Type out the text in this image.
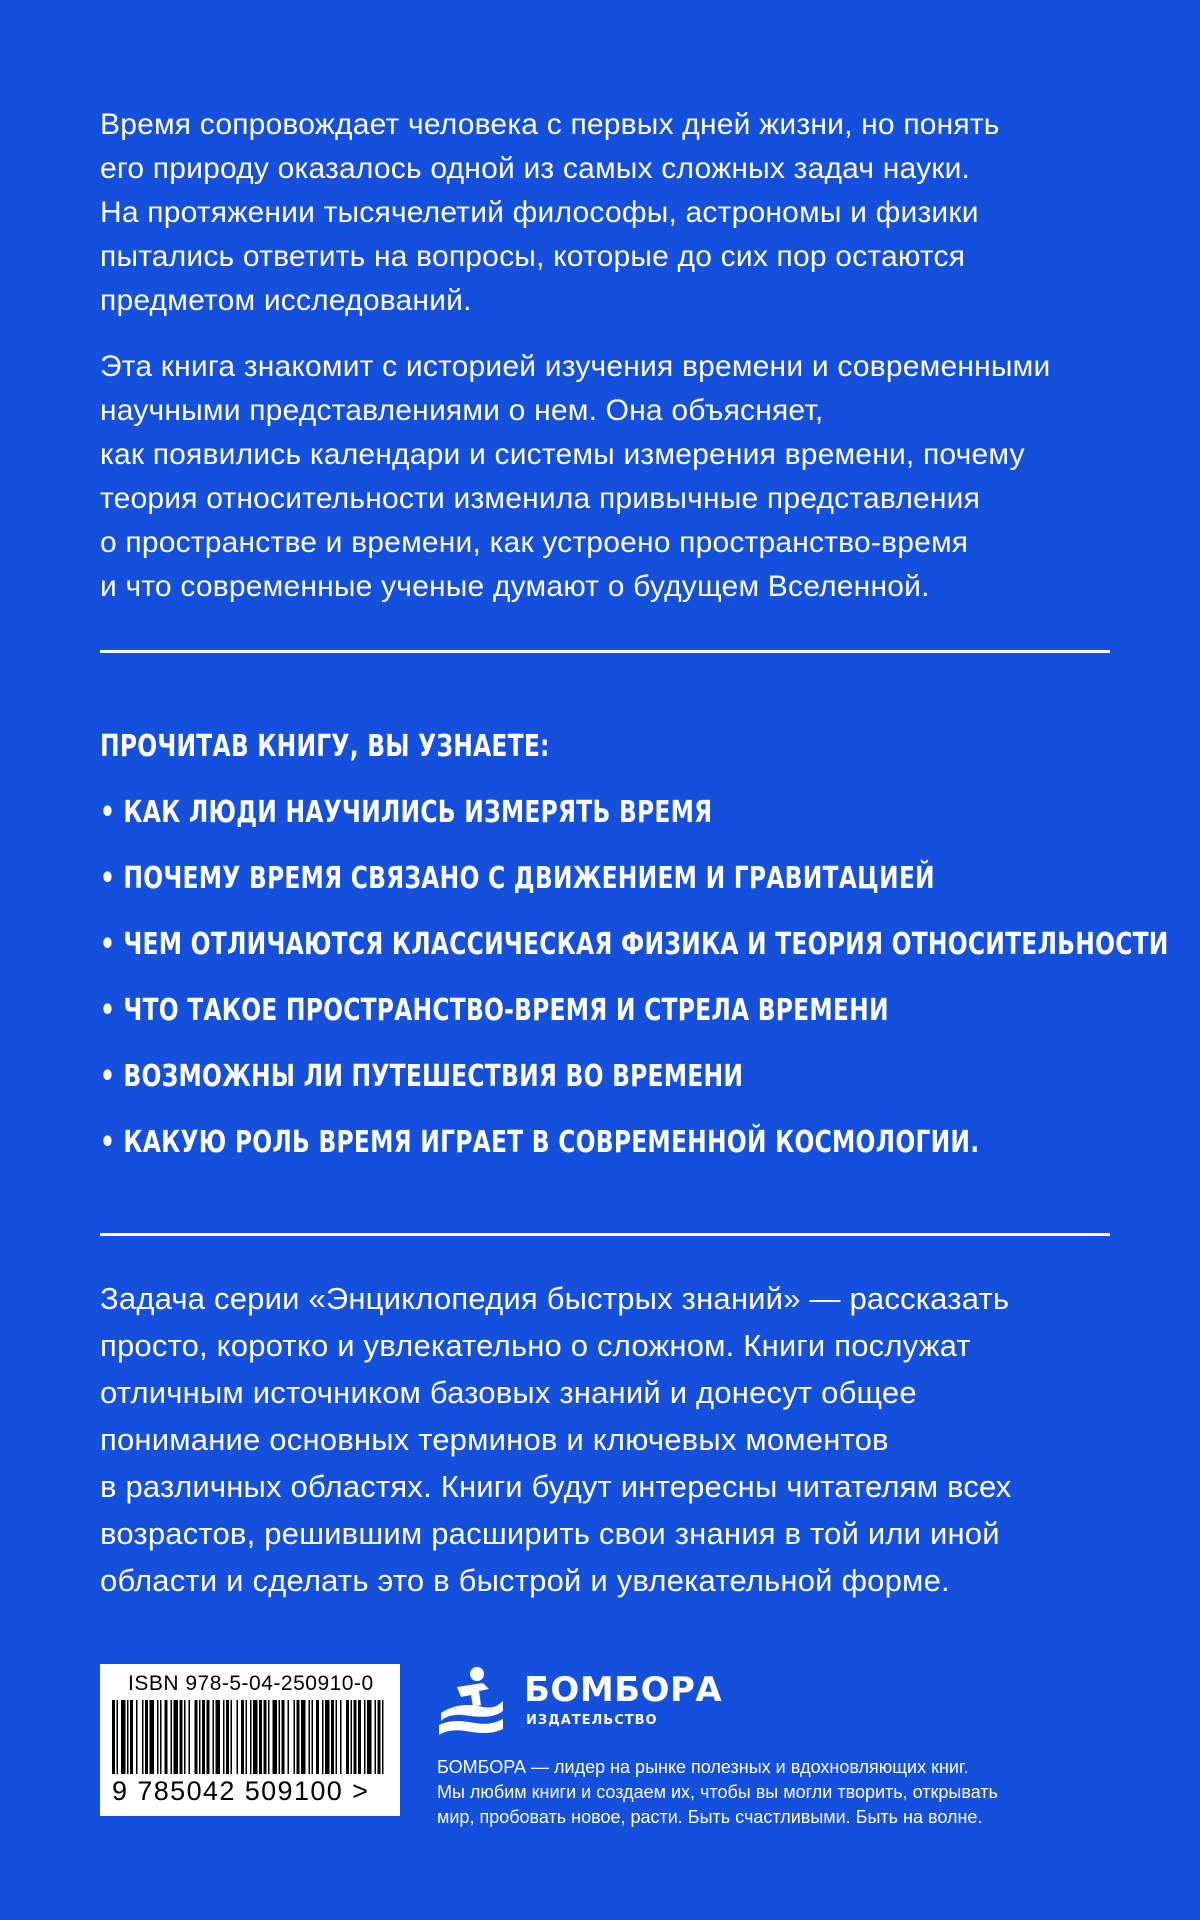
Время сопровождает человека с первых дней жизни, но понять
его природу оказалось одной из самых сложных задач науки.
На протяжении тысячелетий философы, астрономы и физики
пытались ответить на вопросы, которые до сих пор остаются
предметом исследований.

Эта книга знакомит с историей изучения времени и современными
научными представлениями о нем. Она объясняет,
как появились календари и системы измерения времени, почему
теория относительности изменила привычные представления
о пространстве и времени, как устроено пространство-время
и что современные ученые думают о будущем Вселенной.

ПРОЧИТАВ КНИГУ, ВЫ УЗНАЕТЕ:
• КАК ЛЮДИ НАУЧИЛИСЬ ИЗМЕРЯТЬ ВРЕМЯ
• ПОЧЕМУ ВРЕМЯ СВЯЗАНО С ДВИЖЕНИЕМ И ГРАВИТАЦИЕЙ
• ЧЕМ ОТЛИЧАЮТСЯ КЛАССИЧЕСКАЯ ФИЗИКА И ТЕОРИЯ ОТНОСИТЕЛЬНОСТИ
• ЧТО ТАКОЕ ПРОСТРАНСТВО-ВРЕМЯ И СТРЕЛА ВРЕМЕНИ
• ВОЗМОЖНЫ ЛИ ПУТЕШЕСТВИЯ ВО ВРЕМЕНИ
• КАКУЮ РОЛЬ ВРЕМЯ ИГРАЕТ В СОВРЕМЕННОЙ КОСМОЛОГИИ.

Задача серии «Энциклопедия быстрых знаний» — рассказать
просто, коротко и увлекательно о сложном. Книги послужат
отличным источником базовых знаний и донесут общее
понимание основных терминов и ключевых моментов
в различных областях. Книги будут интересны читателям всех
возрастов, решившим расширить свои знания в той или иной
области и сделать это в быстрой и увлекательной форме.

ISBN 978-5-04-250910-0
9 785042 509100 >
БОМБОРА
ИЗДАТЕЛЬСТВО
БОМБОРА — лидер на рынке полезных и вдохновляющих книг.
Мы любим книги и создаем их, чтобы вы могли творить, открывать
мир, пробовать новое, расти. Быть счастливыми. Быть на волне.
